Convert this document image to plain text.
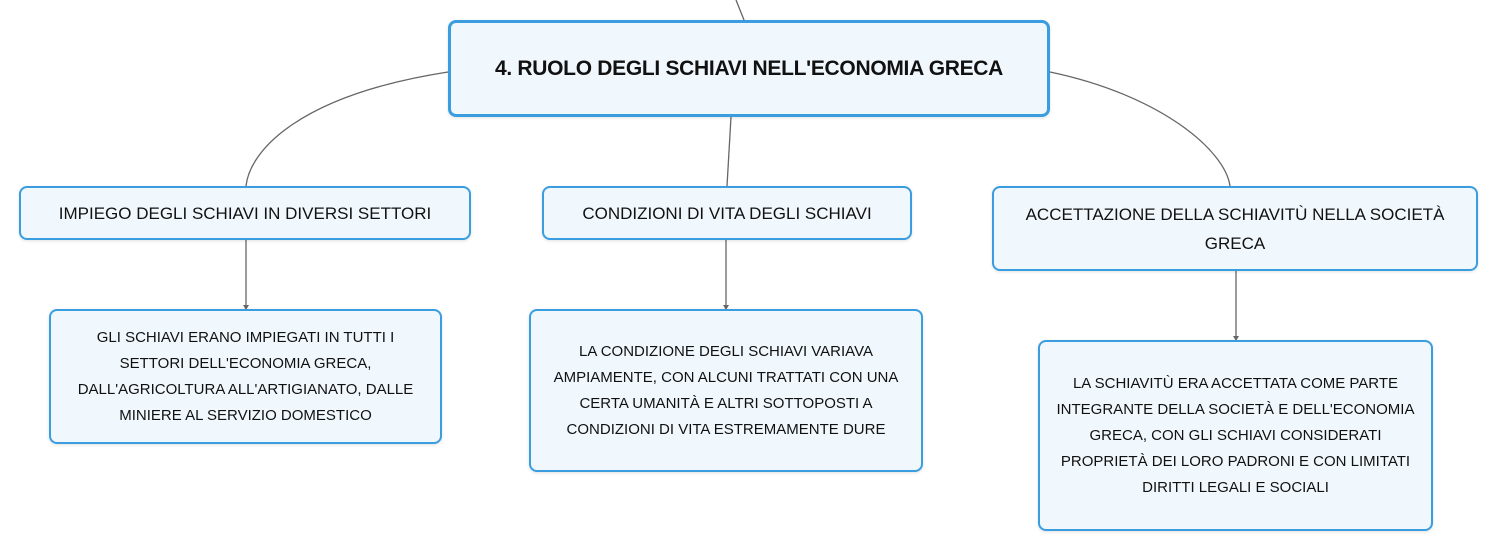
4. RUOLO DEGLI SCHIAVI NELL'ECONOMIA GRECA
IMPIEGO DEGLI SCHIAVI IN DIVERSI SETTORI	CONDIZIONI DI VITA DEGLI SCHIAVI	ACCETTAZIONE DELLA SCHIAVITÙ NELLA SOCIETÀ GRECA
GLI SCHIAVI ERANO IMPIEGATI IN TUTTI I SETTORI DELL'ECONOMIA GRECA, DALL'AGRICOLTURA ALL'ARTIGIANATO, DALLE MINIERE AL SERVIZIO DOMESTICO
LA CONDIZIONE DEGLI SCHIAVI VARIAVA AMPIAMENTE, CON ALCUNI TRATTATI CON UNA CERTA UMANITÀ E ALTRI SOTTOPOSTI A CONDIZIONI DI VITA ESTREMAMENTE DURE
LA SCHIAVITÙ ERA ACCETTATA COME PARTE INTEGRANTE DELLA SOCIETÀ E DELL'ECONOMIA GRECA, CON GLI SCHIAVI CONSIDERATI PROPRIETÀ DEI LORO PADRONI E CON LIMITATI DIRITTI LEGALI E SOCIALI
